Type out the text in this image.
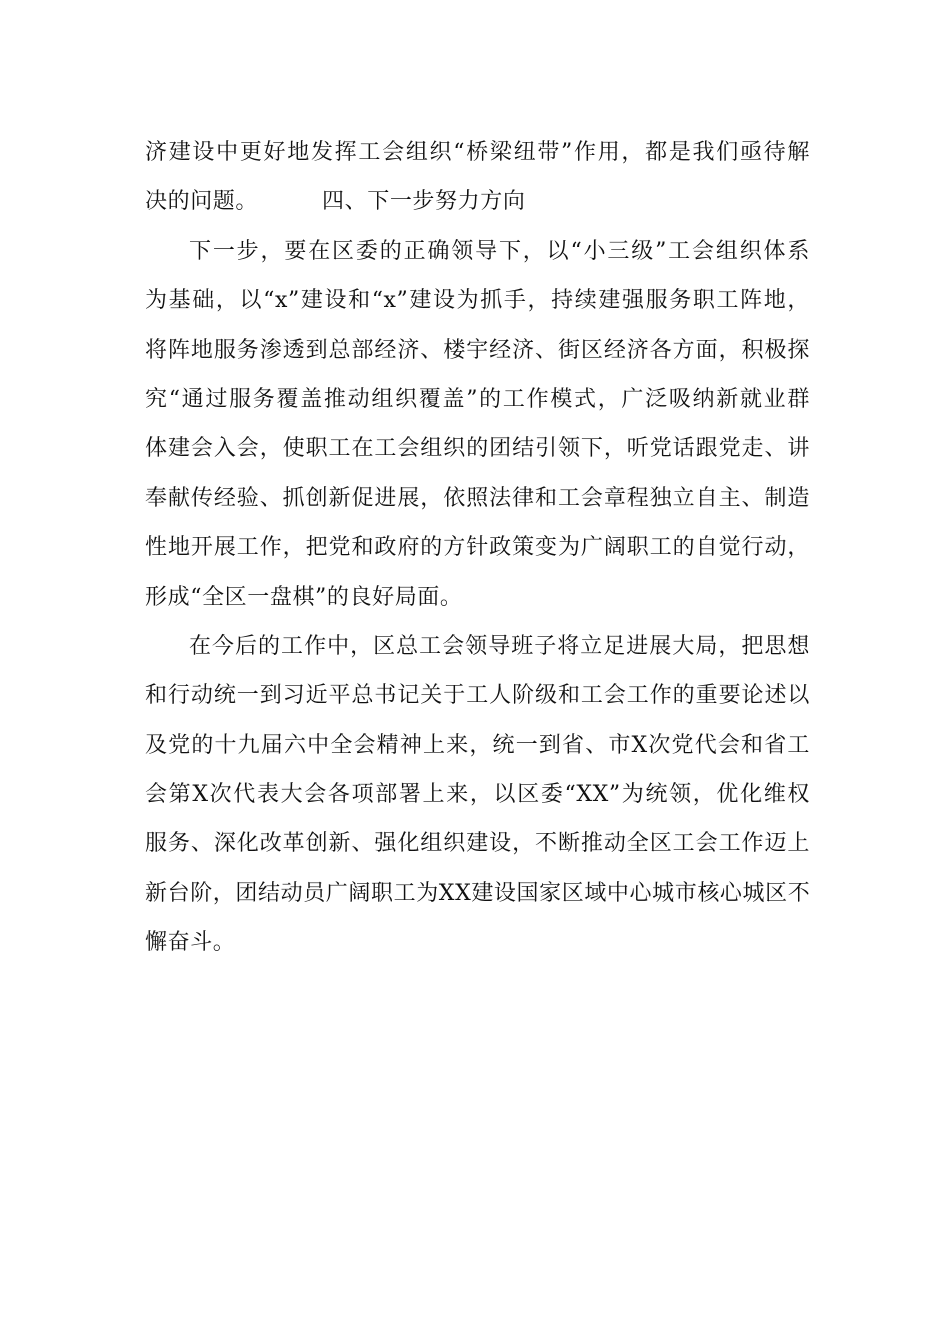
济建设中更好地发挥工会组织“桥梁纽带”作用，都是我们亟待解
决的问题。	四、下一步努力方向
下一步，要在区委的正确领导下，以“小三级”工会组织体系
为基础，以“x”建设和“x”建设为抓手，持续建强服务职工阵地，
将阵地服务渗透到总部经济、楼宇经济、街区经济各方面，积极探
究“通过服务覆盖推动组织覆盖”的工作模式，广泛吸纳新就业群
体建会入会，使职工在工会组织的团结引领下，听党话跟党走、讲
奉献传经验、抓创新促进展，依照法律和工会章程独立自主、制造
性地开展工作，把党和政府的方针政策变为广阔职工的自觉行动，
形成“全区一盘棋”的良好局面。
在今后的工作中，区总工会领导班子将立足进展大局，把思想
和行动统一到习近平总书记关于工人阶级和工会工作的重要论述以
及党的十九届六中全会精神上来，统一到省、市X次党代会和省工
会第X次代表大会各项部署上来，以区委“XX”为统领，优化维权
服务、深化改革创新、强化组织建设，不断推动全区工会工作迈上
新台阶，团结动员广阔职工为XX建设国家区域中心城市核心城区不
懈奋斗。
